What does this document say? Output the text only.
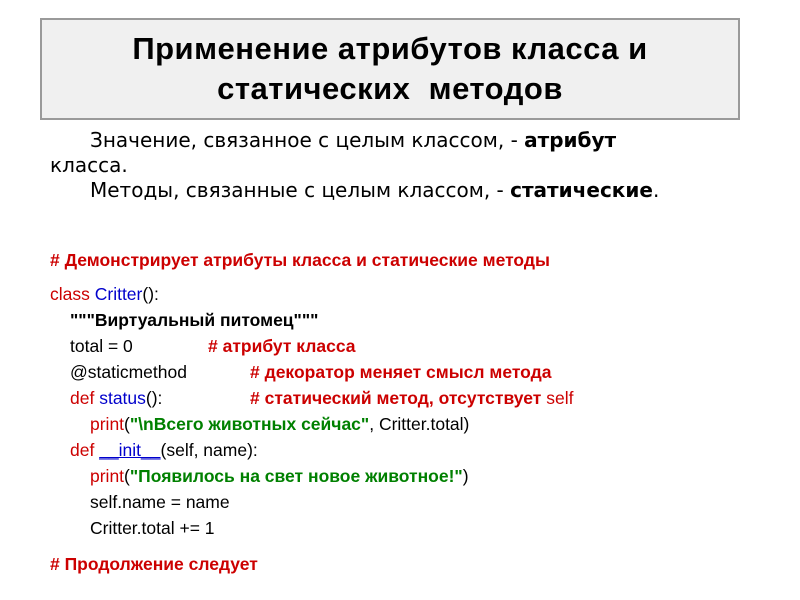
Применение атрибутов класса и
статических  методов
Значение, связанное с целым классом, - атрибут
класса.
Методы, связанные с целым классом, - статические.
# Демонстрирует атрибуты класса и статические методы
class Critter():
"""Виртуальный питомец"""
total = 0	# атрибут класса
@staticmethod	# декоратор меняет смысл метода
def status():	# статический метод, отсутствует self
print("\nВсего животных сейчас", Critter.total)
def __init__(self, name):
print("Появилось на свет новое животное!")
self.name = name
Critter.total += 1
# Продолжение следует
